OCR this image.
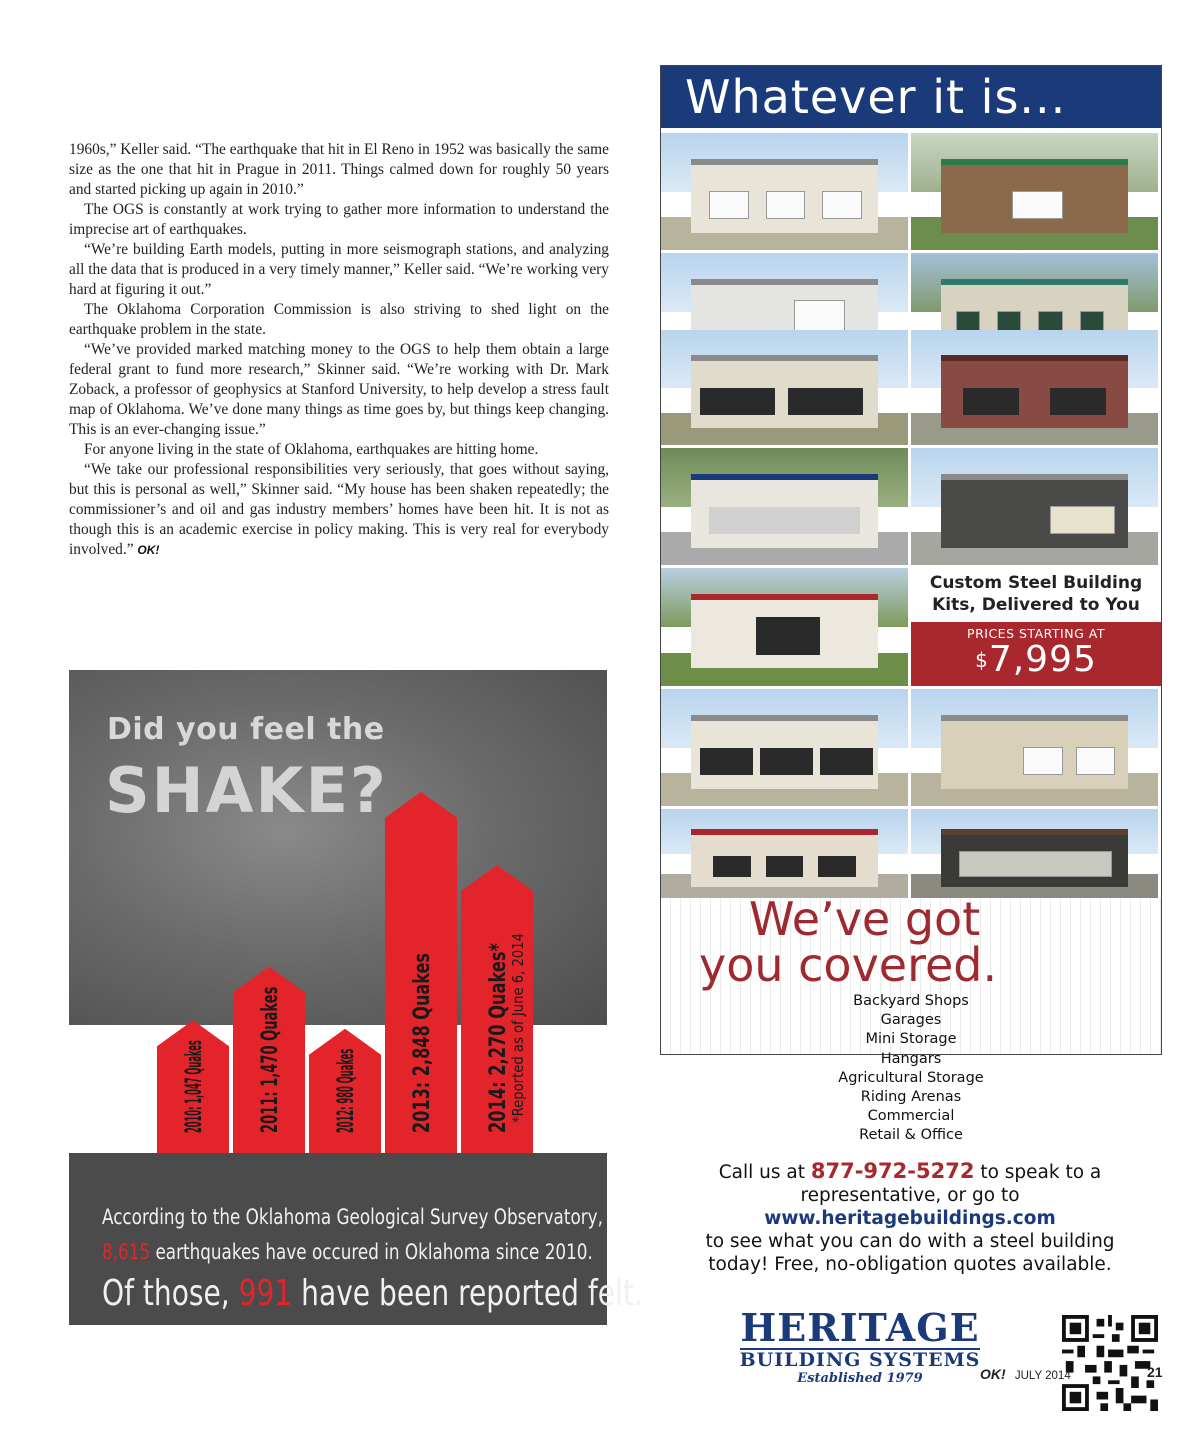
1960s,” Keller said. “The earthquake that hit in El Reno in 1952 was basically the same size as the one that hit in Prague in 2011. Things calmed down for roughly 50 years and started picking up again in 2010.”

The OGS is constantly at work trying to gather more information to understand the imprecise art of earthquakes.

“We’re building Earth models, putting in more seismograph stations, and analyzing all the data that is produced in a very timely manner,” Keller said. “We’re working very hard at figuring it out.”

The Oklahoma Corporation Commission is also striving to shed light on the earthquake problem in the state.

“We’ve provided marked matching money to the OGS to help them obtain a large federal grant to fund more research,” Skinner said. “We’re working with Dr. Mark Zoback, a professor of geophysics at Stanford University, to help develop a stress fault map of Oklahoma. We’ve done many things as time goes by, but things keep changing. This is an ever-changing issue.”

For anyone living in the state of Oklahoma, earthquakes are hitting home.

“We take our professional responsibilities very seriously, that goes without saying, but this is personal as well,” Skinner said. “My house has been shaken repeatedly; the commissioner’s and oil and gas industry members’ homes have been hit. It is not as though this is an academic exercise in policy making. This is very real for everybody involved.” OK!

Did you feel the
SHAKE?
2010: 1,047 Quakes 2011: 1,470 Quakes 2012: 980 Quakes 2013: 2,848 Quakes 2014: 2,270 Quakes*
*Reported as of June 6, 2014
According to the Oklahoma Geological Survey Observatory,
8,615 earthquakes have occured in Oklahoma since 2010.
Of those, 991 have been reported felt.
Whatever it is...
Custom Steel Building
Kits, Delivered to You
PRICES STARTING AT
$7,995
We’ve got
you covered.
Backyard Shops
Garages
Mini Storage
Hangars
Agricultural Storage
Riding Arenas
Commercial
Retail & Office
Call us at 877-972-5272 to speak to a representative, or go to
www.heritagebuildings.com
to see what you can do with a steel building today! Free, no-obligation quotes available.
HERITAGE
BUILDING SYSTEMS
Established 1979	OK! JULY 2014	21
